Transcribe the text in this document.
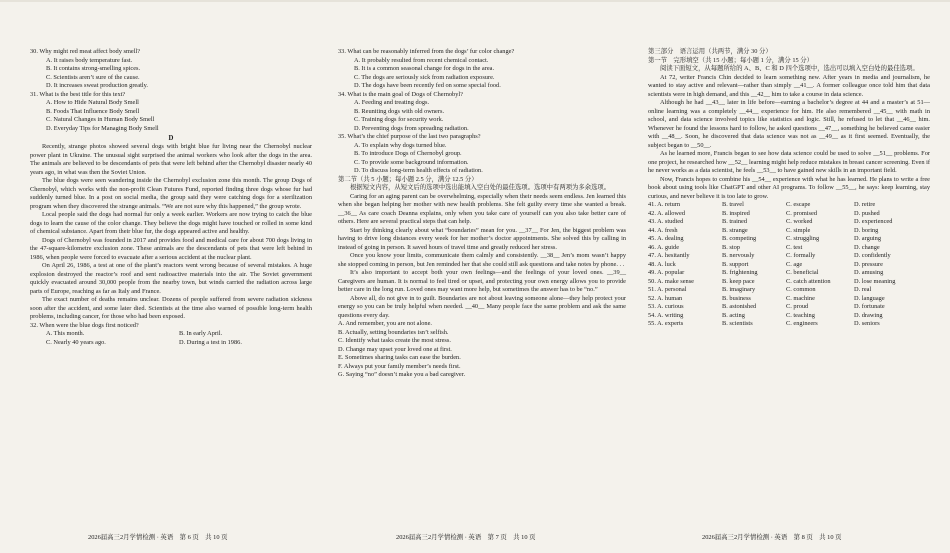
30. Why might red meat affect body smell?

A. It raises body temperature fast.

B. It contains strong-smelling spices.

C. Scientists aren’t sure of the cause.

D. It increases sweat production greatly.

31. What is the best title for this text?

A. How to Hide Natural Body Smell

B. Foods That Influence Body Smell

C. Natural Changes in Human Body Smell

D. Everyday Tips for Managing Body Smell

D

Recently, strange photos showed several dogs with bright blue fur living near the Chernobyl nuclear power plant in Ukraine. The unusual sight surprised the animal workers who look after the dogs in the area. The animals are believed to be descendants of pets that were left behind after the Chernobyl disaster nearly 40 years ago, in what was then the Soviet Union.

The blue dogs were seen wandering inside the Chernobyl exclusion zone this month. The group Dogs of Chernobyl, which works with the non-profit Clean Futures Fund, reported finding three dogs whose fur had suddenly turned blue. In a post on social media, the group said they were catching dogs for a sterilization program when they discovered the strange animals. “We are not sure why this happened,” the group wrote.

Local people said the dogs had normal fur only a week earlier. Workers are now trying to catch the blue dogs to learn the cause of the color change. They believe the dogs might have touched or rolled in some kind of chemical substance. Apart from their blue fur, the dogs appeared active and healthy.

Dogs of Chernobyl was founded in 2017 and provides food and medical care for about 700 dogs living in the 47-square-kilometre exclusion zone. These animals are the descendants of pets that were left behind in 1986, when people were forced to evacuate after a serious accident at the nuclear plant.

On April 26, 1986, a test at one of the plant’s reactors went wrong because of several mistakes. A huge explosion destroyed the reactor’s roof and sent radioactive materials into the air. The Soviet government quickly evacuated around 30,000 people from the nearby town, but winds carried the radiation across large parts of Europe, reaching as far as Italy and France.

The exact number of deaths remains unclear. Dozens of people suffered from severe radiation sickness soon after the accident, and some later died. Scientists at the time also warned of possible long-term health problems, including cancer, for those who had been exposed.

32. When were the blue dogs first noticed?

A. This month.	B. In early April.
C. Nearly 40 years ago.	D. During a test in 1986.
2026届高三2月学情检测 · 英语　第 6 页　共 10 页

33. What can be reasonably inferred from the dogs’ fur color change?

A. It probably resulted from recent chemical contact.

B. It is a common seasonal change for dogs in the area.

C. The dogs are seriously sick from radiation exposure.

D. The dogs have been recently fed on some special food.

34. What is the main goal of Dogs of Chernobyl?

A. Feeding and treating dogs.

B. Reuniting dogs with old owners.

C. Training dogs for security work.

D. Preventing dogs from spreading radiation.

35. What’s the chief purpose of the last two paragraphs?

A. To explain why dogs turned blue.

B. To introduce Dogs of Chernobyl group.

C. To provide some background information.

D. To discuss long-term health effects of radiation.

第二节（共 5 小题；每小题 2.5 分，满分 12.5 分）

根据短文内容，从短文后的选项中选出能填入空白处的最佳选项。选项中有两项为多余选项。

Caring for an aging parent can be overwhelming, especially when their needs seem endless. Jen learned this when she began helping her mother with new health problems. She felt guilty every time she wanted a break. __36__ As care coach Deanna explains, only when you take care of yourself can you also take better care of others. Here are several practical steps that can help.

Start by thinking clearly about what “boundaries” mean for you. __37__ For Jen, the biggest problem was having to drive long distances every week for her mother’s doctor appointments. She solved this by calling in instead of going in person. It saved hours of travel time and greatly reduced her stress.

Once you know your limits, communicate them calmly and consistently. __38__ Jen’s mom wasn’t happy she stopped coming in person, but Jen reminded her that she could still ask questions and take notes by phone. . .

It’s also important to accept both your own feelings—and the feelings of your loved ones. __39__ Caregivers are human. It is normal to feel tired or upset, and protecting your own energy allows you to provide better care in the long run. Loved ones may want more help, but sometimes the answer has to be “no.”

Above all, do not give in to guilt. Boundaries are not about leaving someone alone—they help protect your energy so you can be truly helpful when needed. __40__ Many people face the same problem and ask the same questions every day.

A. And remember, you are not alone.

B. Actually, setting boundaries isn’t selfish.

C. Identify what tasks create the most stress.

D. Change may upset your loved one at first.

E. Sometimes sharing tasks can ease the burden.

F. Always put your family member’s needs first.

G. Saying “no” doesn’t make you a bad caregiver.

2026届高三2月学情检测 · 英语　第 7 页　共 10 页

第三部分　语言运用（共两节，满分 30 分）

第一节　完形填空（共 15 小题；每小题 1 分，满分 15 分）

阅读下面短文，从每题所给的 A、B、C 和 D 四个选项中，选出可以填入空白处的最佳选项。

At 72, writer Francis Chin decided to learn something new. After years in media and journalism, he wanted to stay active and relevant—rather than simply __41__. A former colleague once told him that data scientists were in high demand, and this __42__ him to take a course in data science.

Although he had __43__ later in life before—earning a bachelor’s degree at 44 and a master’s at 51—online learning was a completely __44__ experience for him. He also remembered __45__ with math in school, and data science involved topics like statistics and logic. Still, he refused to let that __46__ him. Whenever he found the lessons hard to follow, he asked questions __47__, something he believed came easier with __48__. Soon, he discovered that data science was not as __49__ as it first seemed. Eventually, the subject began to __50__.

As he learned more, Francis began to see how data science could be used to solve __51__ problems. For one project, he researched how __52__ learning might help reduce mistakes in breast cancer screening. Even if he never works as a data scientist, he feels __53__ to have gained new skills in an important field.

Now, Francis hopes to combine his __54__ experience with what he has learned. He plans to write a free book about using tools like ChatGPT and other AI programs. To follow __55__, he says: keep learning, stay curious, and never believe it is too late to grow.

41. A. return	B. travel	C. escape	D. retire
42. A. allowed	B. inspired	C. promised	D. pushed
43. A. studied	B. trained	C. worked	D. experienced
44. A. fresh	B. strange	C. simple	D. boring
45. A. dealing	B. competing	C. struggling	D. arguing
46. A. guide	B. stop	C. test	D. change
47. A. hesitantly	B. nervously	C. formally	D. confidently
48. A. luck	B. support	C. age	D. pressure
49. A. popular	B. frightening	C. beneficial	D. amusing
50. A. make sense	B. keep pace	C. catch attention	D. lose meaning
51. A. personal	B. imaginary	C. common	D. real
52. A. human	B. business	C. machine	D. language
53. A. curious	B. astonished	C. proud	D. fortunate
54. A. writing	B. acting	C. teaching	D. drawing
55. A. experts	B. scientists	C. engineers	D. seniors
2026届高三2月学情检测 · 英语　第 8 页　共 10 页
